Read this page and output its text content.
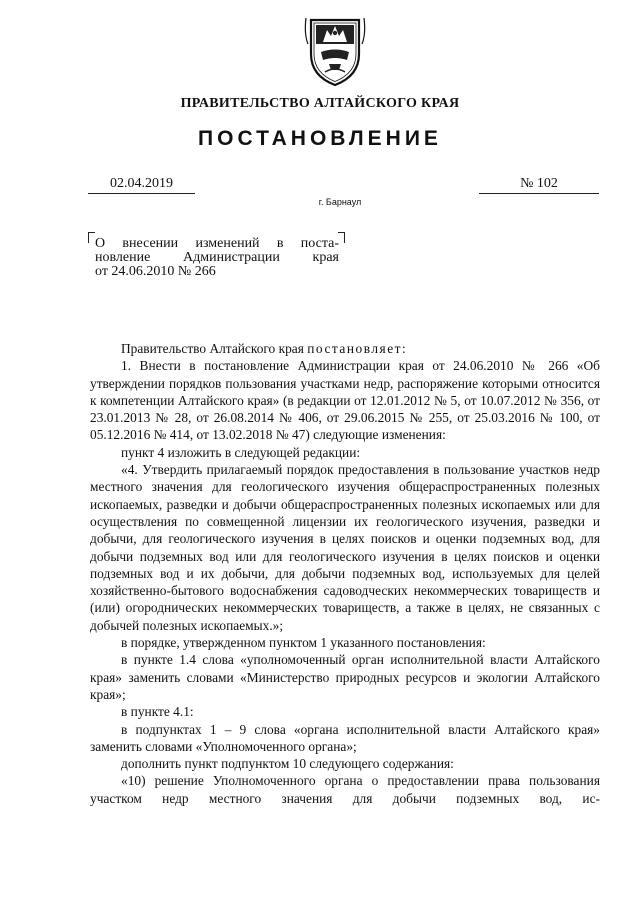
ПРАВИТЕЛЬСТВО АЛТАЙСКОГО КРАЯ
ПОСТАНОВЛЕНИЕ
02.04.2019	№ 102
г. Барнаул
О внесении изменений в поста-
новление Администрации края
от 24.06.2010 № 266
Правительство Алтайского края постановляет:
1. Внести в постановление Администрации края от 24.06.2010 № 266 «Об утверждении порядков пользования участками недр, распоряжение которыми относится к компетенции Алтайского края» (в редакции от 12.01.2012 № 5, от 10.07.2012 № 356, от 23.01.2013 № 28, от 26.08.2014 № 406, от 29.06.2015 № 255, от 25.03.2016 № 100, от 05.12.2016 № 414, от 13.02.2018 № 47) следующие изменения:
пункт 4 изложить в следующей редакции:
«4. Утвердить прилагаемый порядок предоставления в пользование участков недр местного значения для геологического изучения общераспространенных полезных ископаемых, разведки и добычи общераспространенных полезных ископаемых или для осуществления по совмещенной лицензии их геологического изучения, разведки и добычи, для геологического изучения в целях поисков и оценки подземных вод, для добычи подземных вод или для геологического изучения в целях поисков и оценки подземных вод и их добычи, для добычи подземных вод, используемых для целей хозяйственно-бытового водоснабжения садоводческих некоммерческих товариществ и (или) огороднических некоммерческих товариществ, а также в целях, не связанных с добычей полезных ископаемых.»;
в порядке, утвержденном пунктом 1 указанного постановления:
в пункте 1.4 слова «уполномоченный орган исполнительной власти Алтайского края» заменить словами «Министерство природных ресурсов и экологии Алтайского края»;
в пункте 4.1:
в подпунктах 1 – 9 слова «органа исполнительной власти Алтайского края» заменить словами «Уполномоченного органа»;
дополнить пункт подпунктом 10 следующего содержания:
«10) решение Уполномоченного органа о предоставлении права пользования участком недр местного значения для добычи подземных вод, ис-
